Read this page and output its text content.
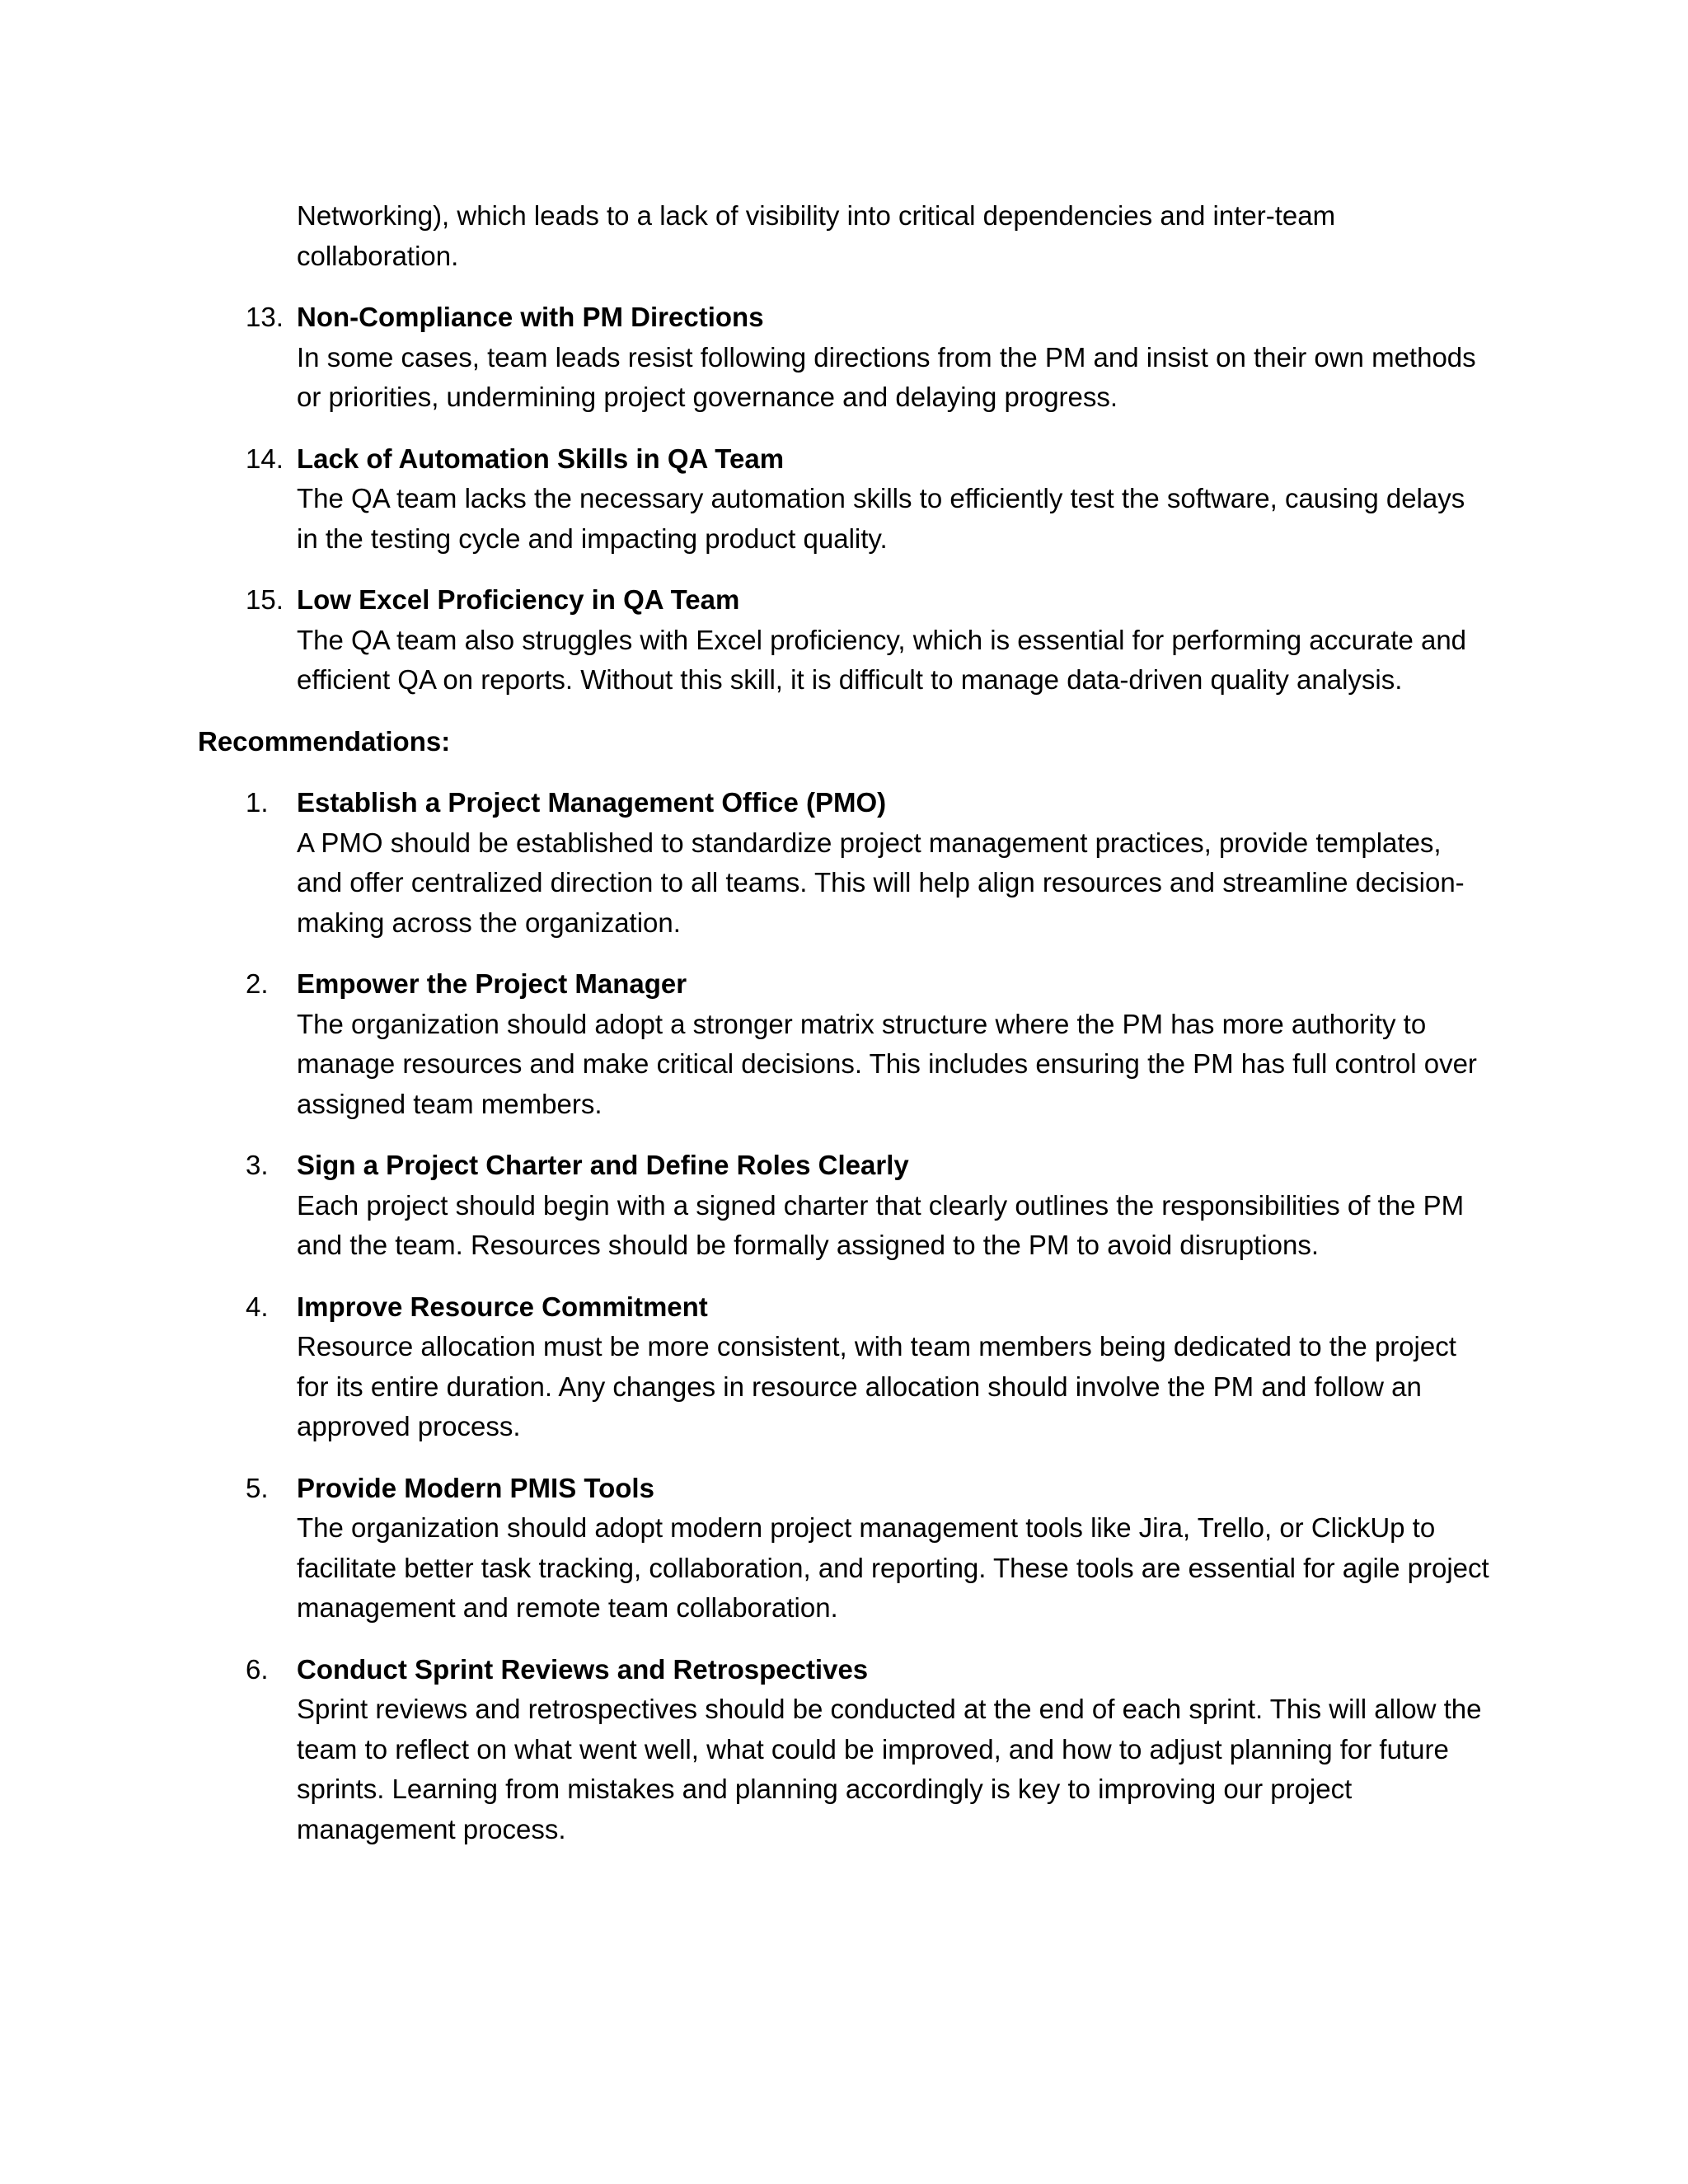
Networking), which leads to a lack of visibility into critical dependencies and inter-team collaboration.
13. Non-Compliance with PM Directions
In some cases, team leads resist following directions from the PM and insist on their own methods or priorities, undermining project governance and delaying progress.
14. Lack of Automation Skills in QA Team
The QA team lacks the necessary automation skills to efficiently test the software, causing delays in the testing cycle and impacting product quality.
15. Low Excel Proficiency in QA Team
The QA team also struggles with Excel proficiency, which is essential for performing accurate and efficient QA on reports. Without this skill, it is difficult to manage data-driven quality analysis.
Recommendations:
1. Establish a Project Management Office (PMO)
A PMO should be established to standardize project management practices, provide templates, and offer centralized direction to all teams. This will help align resources and streamline decision-making across the organization.
2. Empower the Project Manager
The organization should adopt a stronger matrix structure where the PM has more authority to manage resources and make critical decisions. This includes ensuring the PM has full control over assigned team members.
3. Sign a Project Charter and Define Roles Clearly
Each project should begin with a signed charter that clearly outlines the responsibilities of the PM and the team. Resources should be formally assigned to the PM to avoid disruptions.
4. Improve Resource Commitment
Resource allocation must be more consistent, with team members being dedicated to the project for its entire duration. Any changes in resource allocation should involve the PM and follow an approved process.
5. Provide Modern PMIS Tools
The organization should adopt modern project management tools like Jira, Trello, or ClickUp to facilitate better task tracking, collaboration, and reporting. These tools are essential for agile project management and remote team collaboration.
6. Conduct Sprint Reviews and Retrospectives
Sprint reviews and retrospectives should be conducted at the end of each sprint. This will allow the team to reflect on what went well, what could be improved, and how to adjust planning for future sprints. Learning from mistakes and planning accordingly is key to improving our project management process.
